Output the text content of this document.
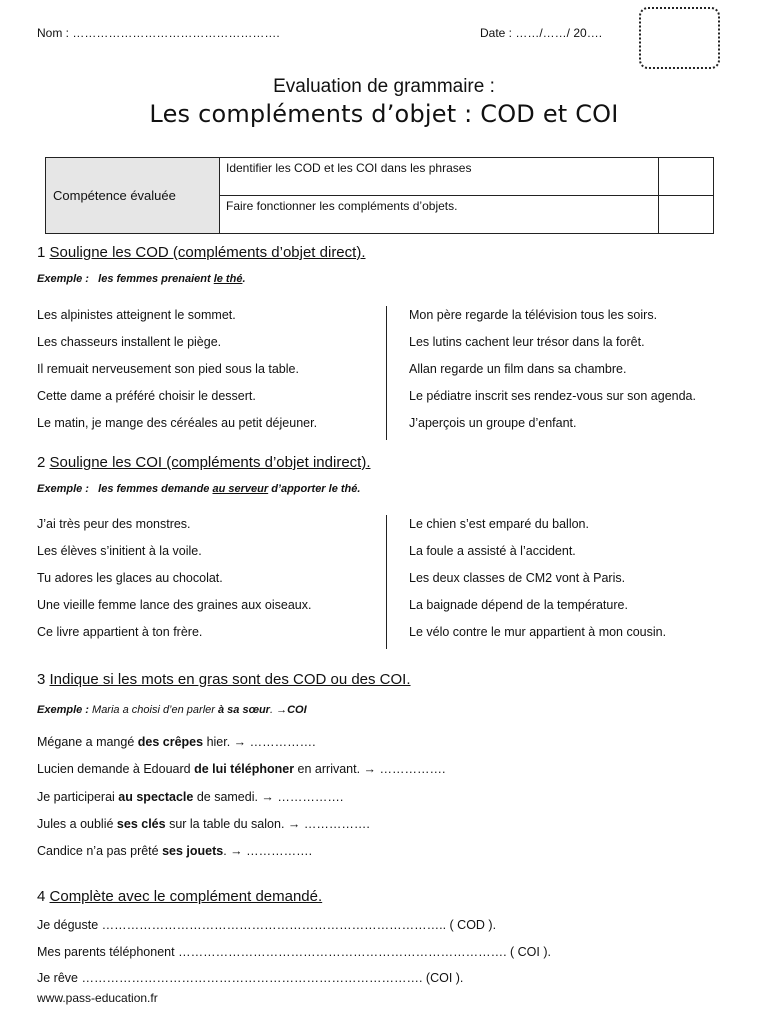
Nom : …………………………………………….	Date : ……/……/ 20….
Evaluation de grammaire :
Les compléments d’objet : COD et COI
Compétence évaluée	Identifier les COD et les COI dans les phrases	
	Faire fonctionner les compléments d’objets.	
1 Souligne les COD (compléments d’objet direct).
Exemple : les femmes prenaient le thé.
Les alpinistes atteignent le sommet.
Les chasseurs installent le piège.
Il remuait nerveusement son pied sous la table.
Cette dame a préféré choisir le dessert.
Le matin, je mange des céréales au petit déjeuner.
Mon père regarde la télévision tous les soirs.
Les lutins cachent leur trésor dans la forêt.
Allan regarde un film dans sa chambre.
Le pédiatre inscrit ses rendez-vous sur son agenda.
J’aperçois un groupe d’enfant.
2 Souligne les COI (compléments d’objet indirect).
Exemple : les femmes demande au serveur d’apporter le thé.
J’ai très peur des monstres.
Les élèves s’initient à la voile.
Tu adores les glaces au chocolat.
Une vieille femme lance des graines aux oiseaux.
Ce livre appartient à ton frère.
Le chien s’est emparé du ballon.
La foule a assisté à l’accident.
Les deux classes de CM2 vont à Paris.
La baignade dépend de la température.
Le vélo contre le mur appartient à mon cousin.
3 Indique si les mots en gras sont des COD ou des COI.
Exemple : Maria a choisi d’en parler à sa sœur. →COI
Mégane a mangé des crêpes hier. → …………….
Lucien demande à Edouard de lui téléphoner en arrivant. → …………….
Je participerai au spectacle de samedi. → …………….
Jules a oublié ses clés sur la table du salon. → …………….
Candice n’a pas prêté ses jouets. → …………….
4 Complète avec le complément demandé.
Je déguste ……………………………………………………………………….. ( COD ).
Mes parents téléphonent ……………………………………………………………………. ( COI ).
Je rêve ………………………………………………………………………. (COI ).
www.pass-education.fr
